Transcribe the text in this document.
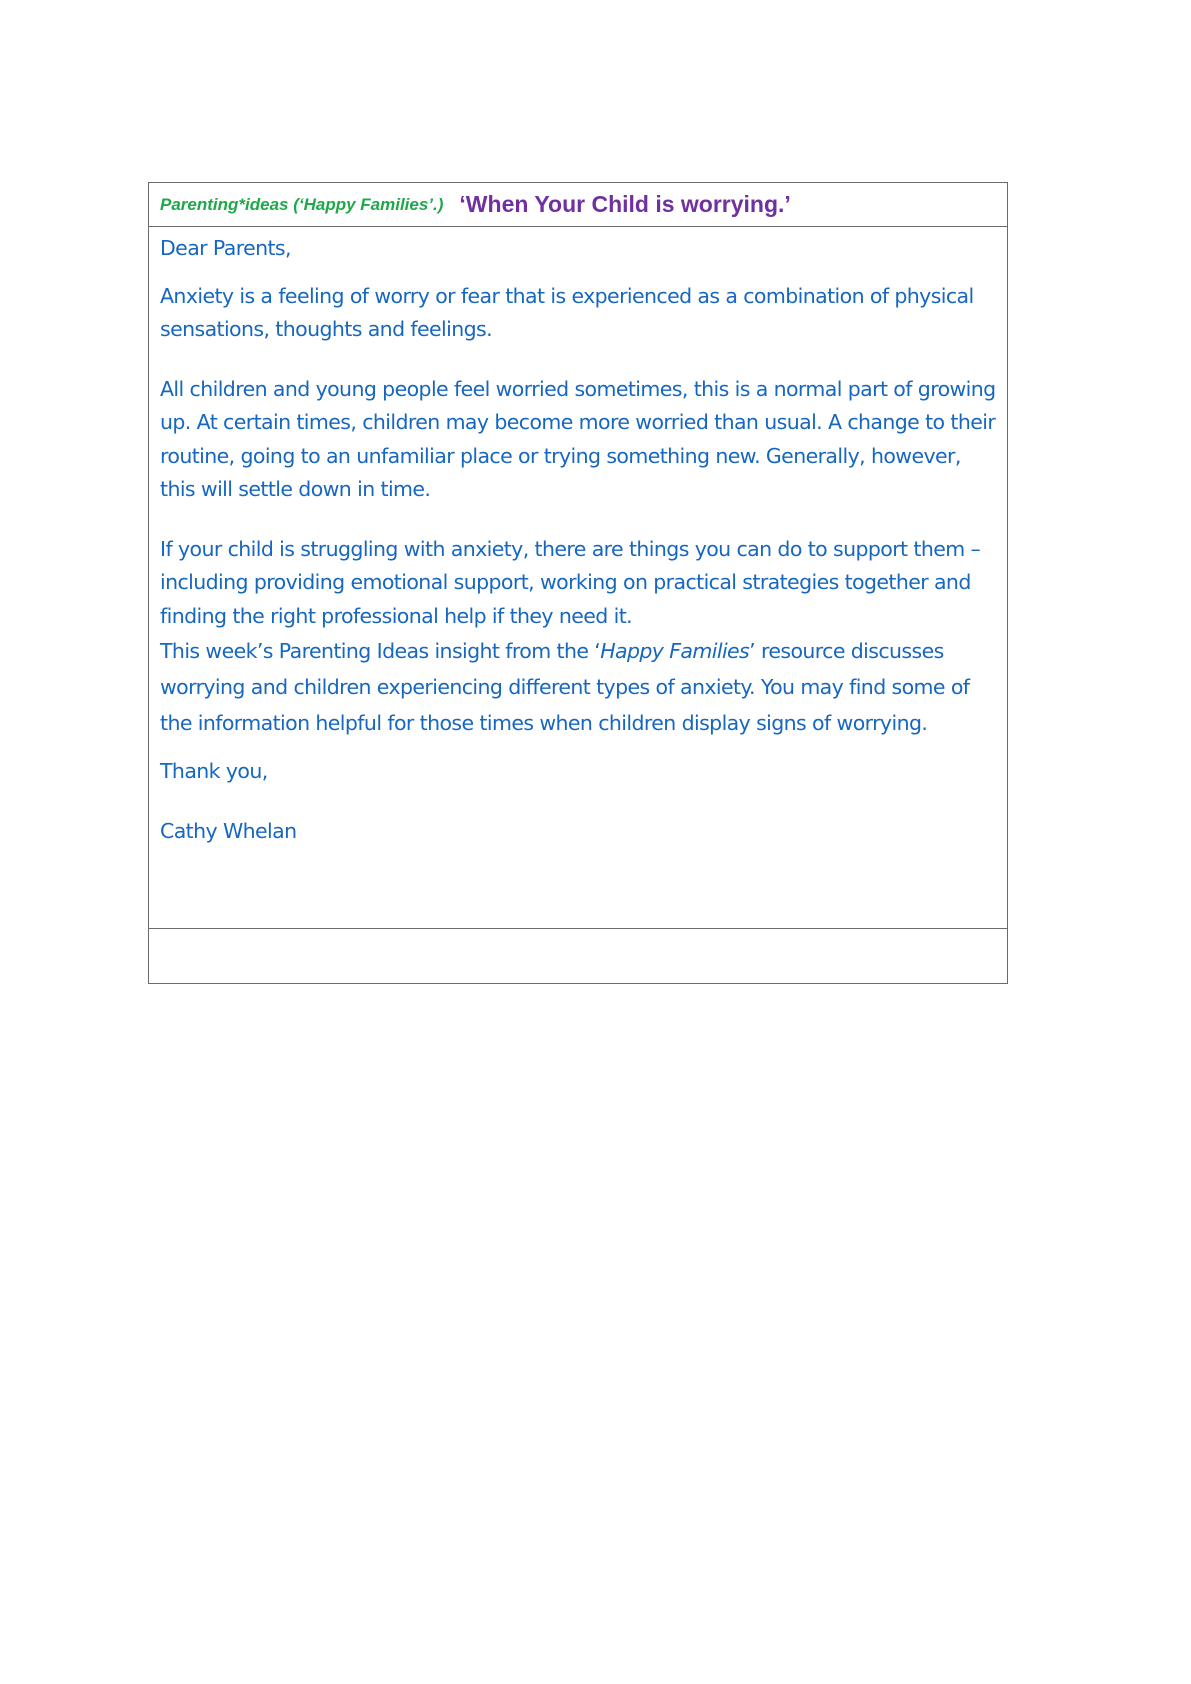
Parenting*ideas (‘Happy Families’.) ‘When Your Child is worrying.’

Dear Parents,

Anxiety is a feeling of worry or fear that is experienced as a combination of physical sensations, thoughts and feelings.

All children and young people feel worried sometimes, this is a normal part of growing up. At certain times, children may become more worried than usual. A change to their routine, going to an unfamiliar place or trying something new. Generally, however, this will settle down in time.

If your child is struggling with anxiety, there are things you can do to support them – including providing emotional support, working on practical strategies together and finding the right professional help if they need it.

This week’s Parenting Ideas insight from the ‘Happy Families’ resource discusses worrying and children experiencing different types of anxiety. You may find some of the information helpful for those times when children display signs of worrying.

Thank you,

Cathy Whelan
